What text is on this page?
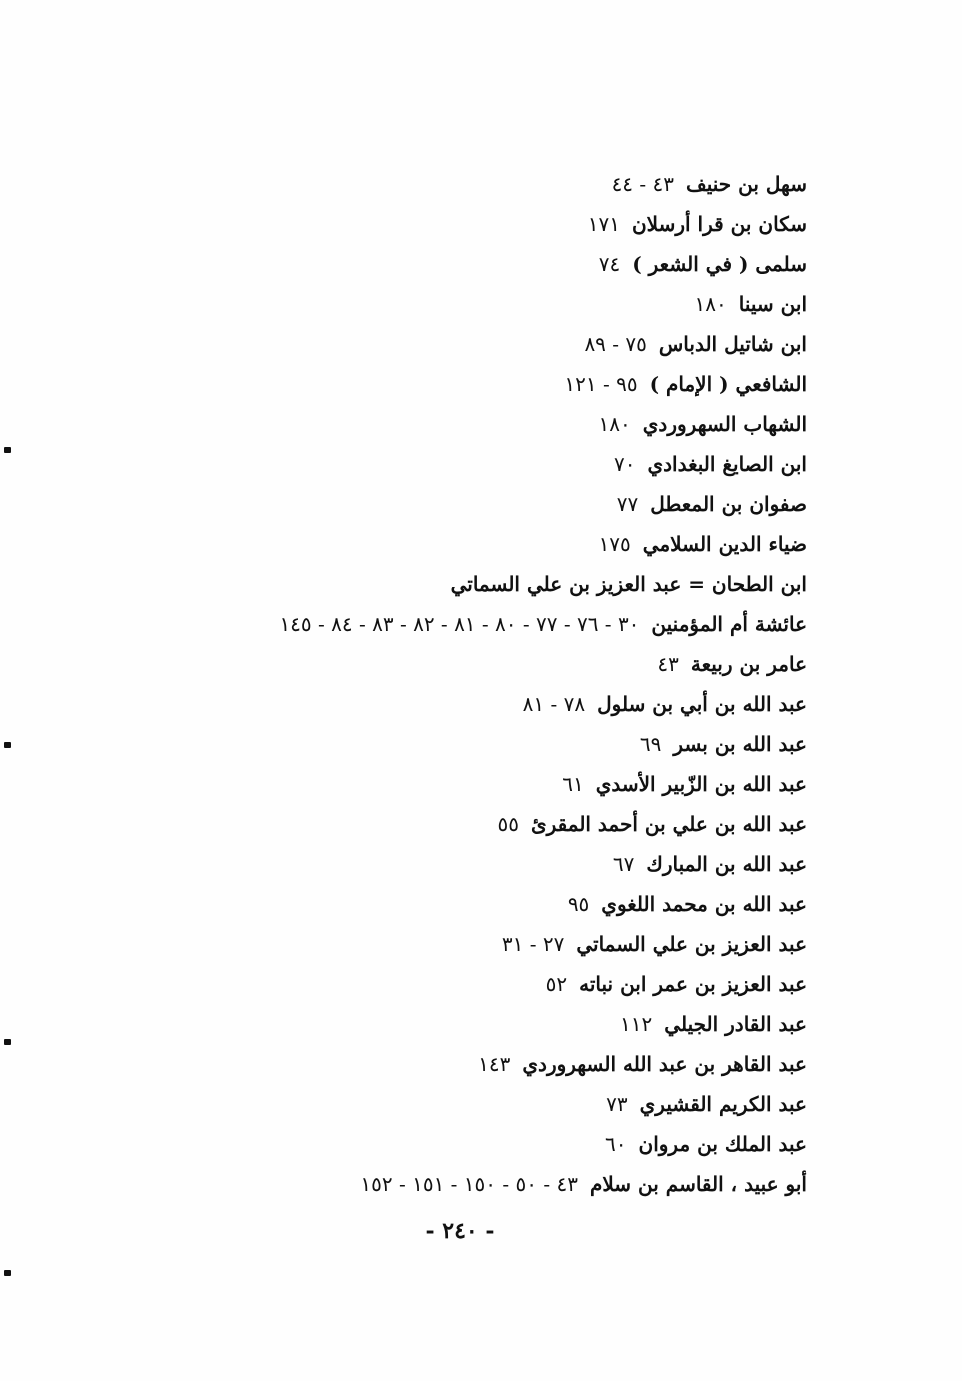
سهل بن حنيف٤٣ - ٤٤
سكان بن قرا أرسلان١٧١
سلمى ( في الشعر )٧٤
ابن سينا١٨٠
ابن شاتيل الدباس٧٥ - ٨٩
الشافعي ( الإمام )٩٥ - ١٢١
الشهاب السهروردي١٨٠
ابن الصايغ البغدادي٧٠
صفوان بن المعطل٧٧
ضياء الدين السلامي١٧٥
ابن الطحان = عبد العزيز بن علي السماتي
عائشة أم المؤمنين٣٠ - ٧٦ - ٧٧ - ٨٠ - ٨١ - ٨٢ - ٨٣ - ٨٤ - ١٤٥
عامر بن ربيعة٤٣
عبد الله بن أبي بن سلول٧٨ - ٨١
عبد الله بن بسر٦٩
عبد الله بن الزّبير الأسدي٦١
عبد الله بن علي بن أحمد المقرئ٥٥
عبد الله بن المبارك٦٧
عبد الله بن محمد اللغوي٩٥
عبد العزيز بن علي السماتي٢٧ - ٣١
عبد العزيز بن عمر ابن نباته٥٢
عبد القادر الجيلي١١٢
عبد القاهر بن عبد الله السهروردي١٤٣
عبد الكريم القشيري٧٣
عبد الملك بن مروان٦٠
أبو عبيد ، القاسم بن سلام٤٣ - ٥٠ - ١٥٠ - ١٥١ - ١٥٢
- ٢٤٠ -
